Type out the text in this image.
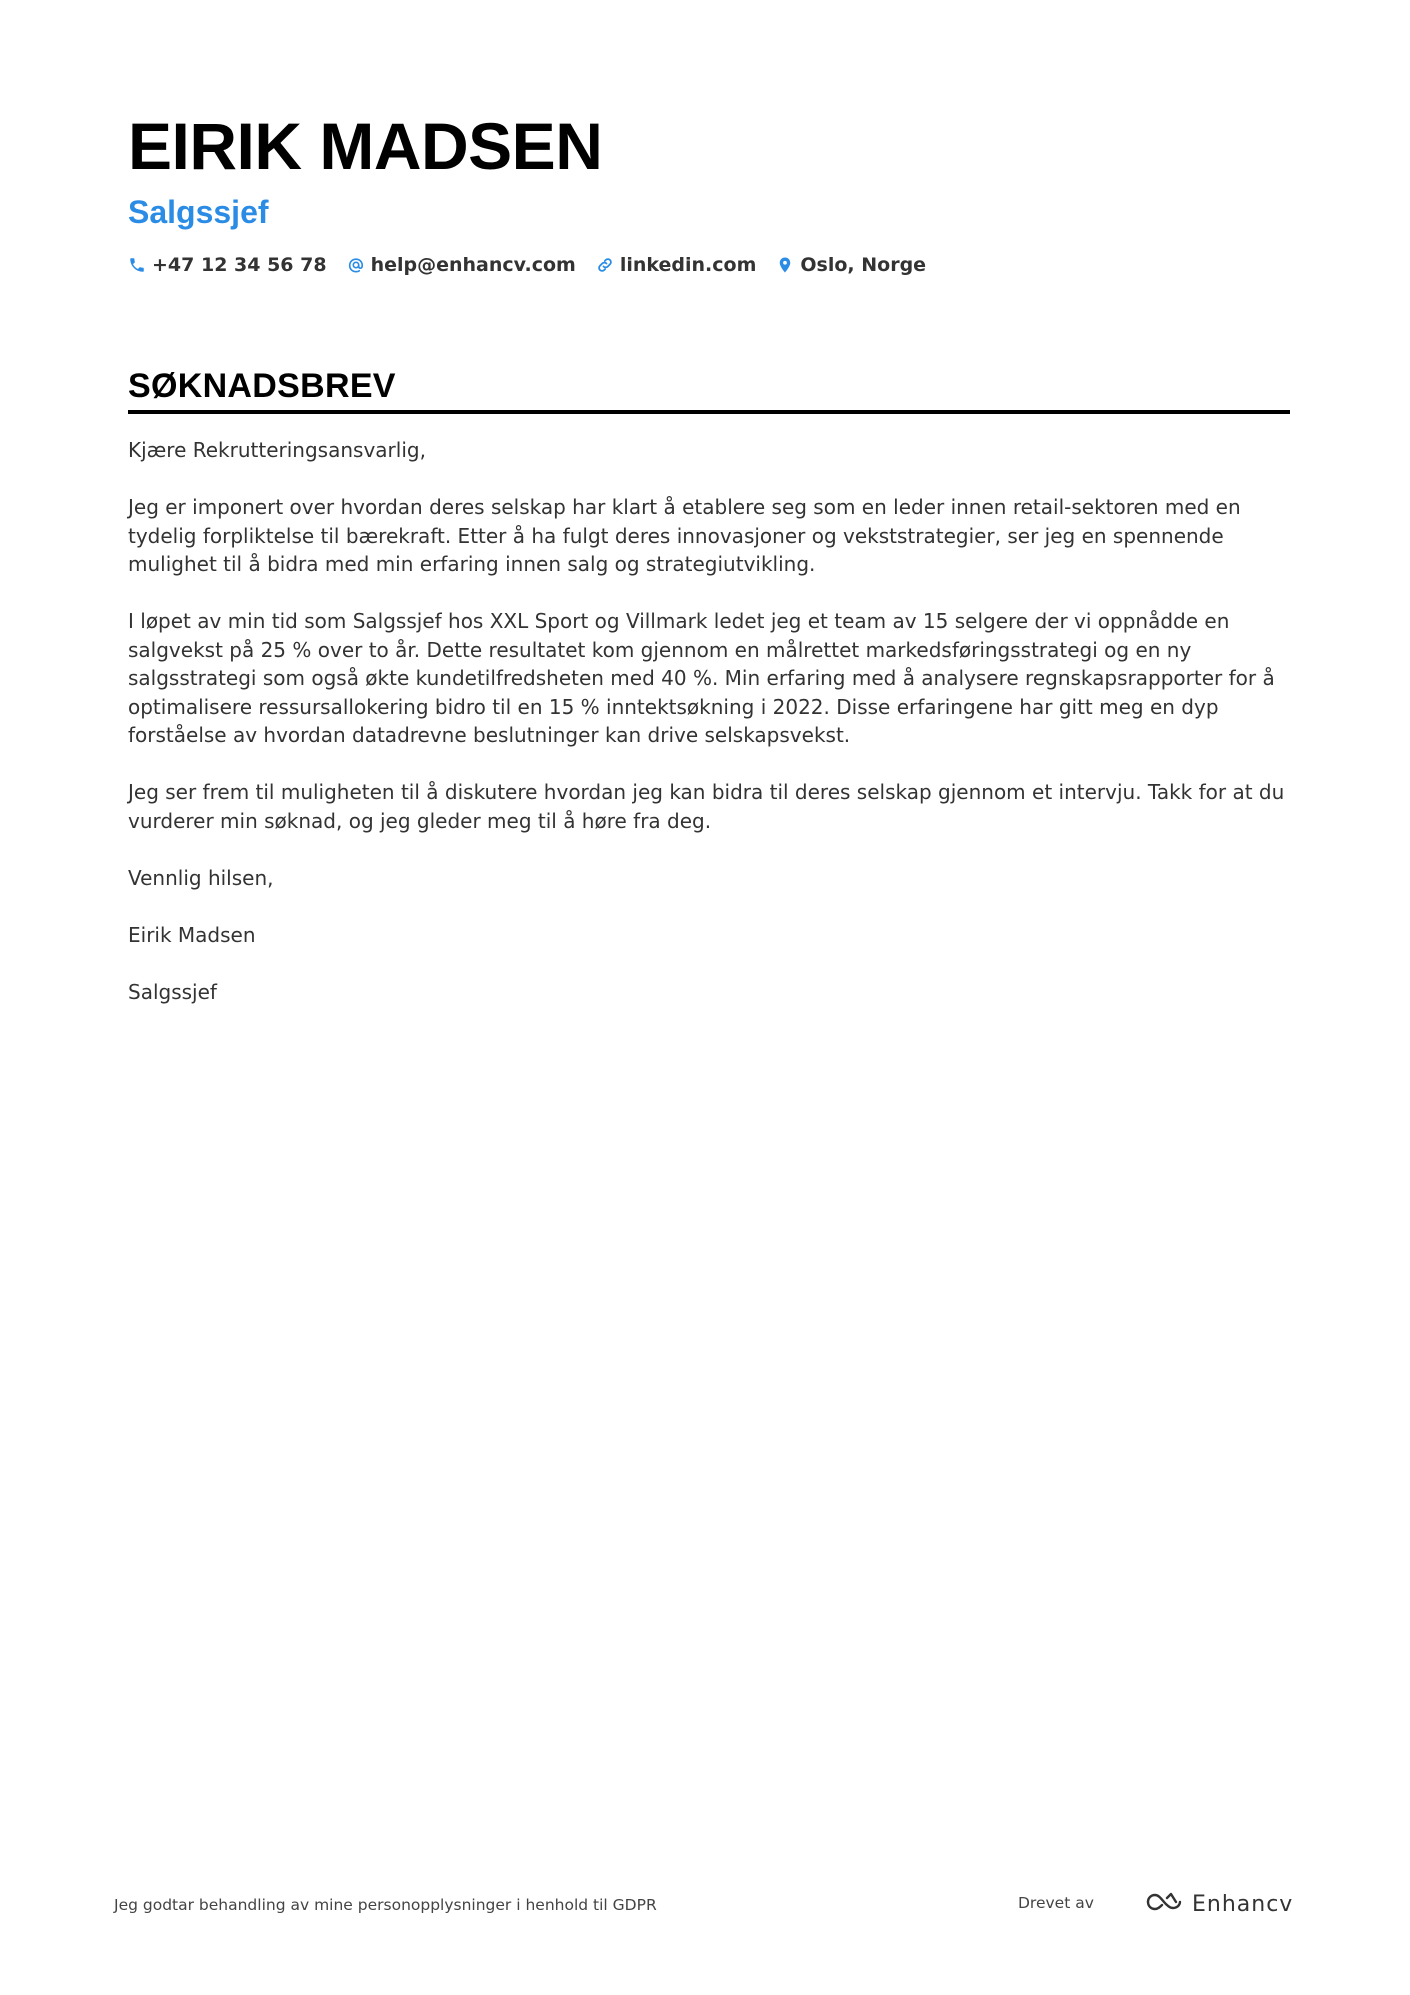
EIRIK MADSEN
Salgssjef
+47 12 34 56 78 help@enhancv.com linkedin.com Oslo, Norge
SØKNADSBREV

Kjære Rekrutteringsansvarlig,

Jeg er imponert over hvordan deres selskap har klart å etablere seg som en leder innen retail-sektoren med en tydelig forpliktelse til bærekraft. Etter å ha fulgt deres innovasjoner og vekststrategier, ser jeg en spennende mulighet til å bidra med min erfaring innen salg og strategiutvikling.

I løpet av min tid som Salgssjef hos XXL Sport og Villmark ledet jeg et team av 15 selgere der vi oppnådde en salgvekst på 25 % over to år. Dette resultatet kom gjennom en målrettet markedsføringsstrategi og en ny salgsstrategi som også økte kundetilfredsheten med 40 %. Min erfaring med å analysere regnskapsrapporter for å optimalisere ressursallokering bidro til en 15 % inntektsøkning i 2022. Disse erfaringene har gitt meg en dyp forståelse av hvordan datadrevne beslutninger kan drive selskapsvekst.

Jeg ser frem til muligheten til å diskutere hvordan jeg kan bidra til deres selskap gjennom et intervju. Takk for at du vurderer min søknad, og jeg gleder meg til å høre fra deg.

Vennlig hilsen,

Eirik Madsen

Salgssjef

Jeg godtar behandling av mine personopplysninger i henhold til GDPR	Drevet av	Enhancv
